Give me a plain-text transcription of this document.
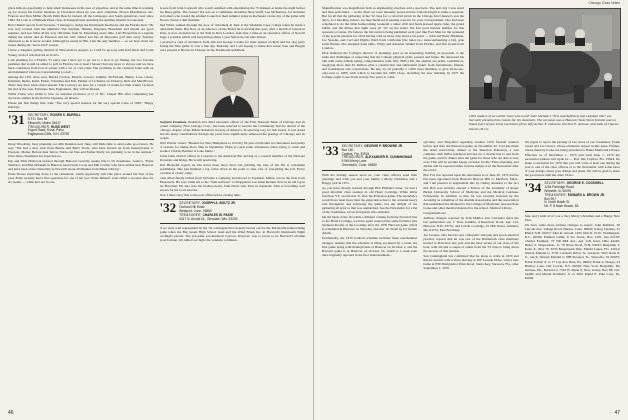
gives him an opportunity to help small businesses in his area of expertise, and at the same time is working up (or down) his former business in Cleveland where he was once chairman. Brown Distributors, Inc. Frances and Don Miller (North Palm Beach) cruised off the Galapagos and South American coast since 1962. Ed Loeb is a Halibunt Plaza class. In Pennsylvania spending the summer months in Lancaster.

Bob Chittim reports from Sarasota, "I manage to dodge the Dartmouth luncheons and the Florida men." He was very excited with the numbers: Van Teschen, Shields, Wagoner, Blanchard and myself are good regulars, and Geo Wise all the way 160 miles from St. Petersburg every time. Carl Fitzpatrick is a regular during the winter and Al Peterson and his wife visited and has an important golf date every Tuesday afternoon so he is never around. Although he stated in '80s, I am the only member — so we hear about our losses during the "snow-bird" season.

I have a daughter getting married in Wisconsin in August, so I will be up (on) with Karl Rudi and Colin Young, both of whom lived in Scott's.

I am planning for a Florida '31 party and I have yet to go out to a boat or go fishing, the two favorite pastimes that would be added to golf in Florida, but at least I haven't had any snow to shovel, and we have been comforted from bad of winter with a lot of cold rains. The problems in the classical folks with an environmental 'what an overwhelming to read'...

Among the 1931 lives were Harold Cordon, Morrill, Lowery, Jenkins, McFarland, Butler, Lore, Chase, Kirkman, Ryder, Rudd, Fisher, Schreiber and Mrs. Palmer of Lichfield, Lu Doherty, Rick and Mel Brown. There may have been others unseen. The Lowreys are here for a couple of weeks for their winter vacation the end of the year. Fortunate New Englanders, they will be missed.

Willis Clark, who stellis is now an assistant professor at U of NC, Chapel Hill after completing her doctorate studies in the field in Japanese, all phases.

Please put first things first. Like "The very special reunion for the very special Class of 1930." Happy holidays.

'31 SECRETARY, ROGER S. BURRILL
R.F.D. Box 98
Ellsworth, Maine 04617
TREASURER, RUSS WEST
Yogurt Road, Kona, Pahu
Englewood Cliffs, N.H. 03750

Doug Woodring, busy planning our 40th Reunion next June, still finds time to send some good news. He says "We had a nice visit from Bernie and Betty Stock, who have moved up from Pennsylvania to Freeport, Maine. Before their fellow Noble-ton Dee and Esther Purdy are planning to be in the reunion." Over these classmates are expected too.

Pap and Dick Holbrook learned through Hanover recently, seeing bits to all classmates. Leslie's, "Ernie Siemarco and Bud Marshall in Hanover heard back to Lin and Phil Coulter who have settled near Hanover and have been at the University in Norwich about 20 minutes from Baker Library."

Ernie Stones expecting down to the retirement, which apparently will take place around the first of the year. Ernie recently had a first operation for one of his 'yes'. Ernie himself, even called a wooden shoe for six weeks — while he's not in one.

A note from John Cogswell who wasn't satisfied with entertaining the 75 drinkers at home the night before the Pines game. The reason? We was on a committee including Shep Wolff, Lee McKenney, Joe Rottman and others who hosted the Alumni Council at their summer lodge in Rochester on the day of the game with Brown. Never a dull moment.

Ned White walked through the door of retirement in June at the Weshams Cape college when he made a substantial mark. But Ned, as an educator on the Board he is leaving this year, after a month of leisure in Paris, is now an instructor at the Yale in New London. And after a time as an executive officer of Rowell Sage, a position which will keep him perhaps a year before he can take leisure.

I received a card of invitation from Jim and George Cookie for their annual cocktail and hot dog party during the Yale game. It was a fine day Thursday and I am hoping to make that scene. Ken and Bergen were present at Brown-in-Chicago in the Dartmouth sentiment.

Gaylord Freeman, chairman and chief executive officer of the First National Bank of Chicago and its parent company, First Chicago Corp., has been selected to receive the Community Service Award of the Chicago chapter of the Public Relations Society of America. In selecting Gay for this award, it was stated that his many contributions through the years have significantly enhanced the prestige of Chicago and its people.

Walt Warner writes: "Headed for New Hampshire to visit my 93-year-old mother in Clairemont and plenty of reasons for taking more time in September. Hope to catch some adventures when trying to catch and monitor Charles Bamber at Lake Marie."

Some bank clerical officer in Colorado is the American Bar serving as a council member of the National Invasions and Ridge. He is still practicing.

Ron Bickwith reports he has never been more tired and pitching the tone of his life at retirement headlinings. Has just finished a leg collar down in the point to take care of everything the fall. Every vacation is a busy camp.

Glen Allen finally retired from Sylvania a company and moved to Topsham, Maine, across the river from Brunswick. He says while not to his "little software" to Drappentlu was Allan Bernier lives in an old log in the Bavarian. He also sees his brother-in-law John Davis who lives in Topsham. John is becoming well known for his local artwork.

Now I must carry this to the post office before closing time.

'32 SECRETARY, JOSEPH A. BOLTZ JR.
Orchard Hill Road
Westport, Conn. 06880
TREASURER, CHARLES W. PAIGE
6317 N. Arnold Dr., Glendale, Wis. 53209

If we were well represented by the '32 contingent that recently turned out for the Dartmouth homecoming game when the Big Green High School band and the Wind Brush Inc. in Harvard's Dartmouth Night torchlight parade. The pre-game pre-luncheon boycott, however, was to prove to be Harvard's all-time good fortune. We rallied our high: the vendetta continues.

46
Chicago Class Notes

Magnification was magnificent both as engineering structure and a spectacle. The next day I was sized and then performed — at the clinic we were mutually proud and the Chirodon light to make a separate. But for all that the gathering of the '32 class for a convivial picnic in the Chicago Inn Chaucer's was the day's, as a mocking (where, we may mention) is passing concern for your correspondent, who had been scheduled to do the tribal homecoming weekend a rather chill and fresh-pressed apple cider, the grand buffet, and the dinner that night were all "in" on the ticket. We had good turnout number for this seasonal occasion. We believe the fall event is being published each year like Foot Men for the weekend of the special pleasure for all in having with us those who lived a far-point — John and Betty Hardman, Joe Stouder, and Carl and Phyllis Ward from California (the latter two transcontinenting a bit), plus some Barnes who attended from Ohio, Wiley and Adelaide Walker from Florida, and Jim Gould from London.

Dick Osmond, the College's director of planning, gave us an interesting briefing on proposals to the tasks and challenges of respecting that the College physical plant, present and future. He discussed his talk with some friends taking comprehensive (Our Way 1985.) We, the alumni, are prime contributors, supplying more than $1 million, plus a construction and substantial grants from foundations, friends, and foundations and corporations. He has, by all probably a 1,000 class members to give all-in-one-only-ever to 1985, with which to become the 1985 Class, including the new building by 1975 the College ought to see in the twenty-five years to come.

1932 readers of an earlier issue who recall John Sheldon's "first and definitely last elephant ride" are herewith presented the reason for his statement. The occasion was a Hanover State Street festival and on board (sort of) are stone executives (from left) Arthur E. Osborne, Norbert E. Armour, and John of Charles Stevens & Co.
'33 SECRETARY, GEORGE P. BROWNE JR.
Box 160
Captiva, Fla. 33924
TREASURER, ALEXANDER R. CUNNINGHAM
9 Will Merry Lane
Greenwich, Conn. 06830

With the holiday season upon us, your class officers send their greetings and wish you and your family a Merry Christmas and a Happy year in 1971.

As you have already learned through Bob Hamlin's letter, we had a good informal class reunion in old Hotel Coolidge, White River Junction, VT, on October 31 after the Princeton game. The attendance would have been more than the expectation due to the constant heavy rain throughout and following the game, but the delight of the gathering all prior to that was unmatched. See the Newsletter for a list of the classmates, wives and guests who attended.

On the basis of the favorable comment coming from the Norwich line to the Hotel Coolidge, we have again reserved the same facilities (the Vermont Room) at the Coolidge after the 1970 Harvard game which is scheduled in Hanover on Saturday, October 16. Stand by for further details.

Incidentally, the 1970 football schedule includes three unscheduled changes, namely that the schedule is being set ahead by a week, the first game being with Pennsylvania at Hanover on October 2, and the Harvard game is in Hanover on October 16, which is a week later than originally reported in the first announcement...

sylvania, and Maryland regarding another 1970 football reunion before and after the Princeton game on November 22. Carl has made the usual reservation, dinner at the Sheraton Princeton, a tent complete with buffet luncheon and bus for a charter bus to and from the game, and for dinner after the game for those who are able to stay over. This will be another happy occasion for the '33ers attending, and details will be reported either in these names or in the Newsletter after the event.

Bob Fox has reported upon his retirement as of June 30, 1970 and he has been appointed from Boston's Beacon Hill to Medford, Mass., and I am pleased to supplement this by calling attention to the fact that Bob was recently elected a Fellow of the Academy of Roger Bickel University School of Medicine and the Medical Graduate Fellowship. In addition to this, he was recently honored by the Academy as a member of the Alumni Association and the Association that established the Manual for the College of Medicine; and purchase books and other medical material for the school. Medical Library.

Congratulations!

Address changes reported by Tom Mattice also Carlander since the last publication are: J. Ross Gamble, 4 Reservoir Road, Apt. 112, Hanover, N.H. 03755, and Calvin Coolidge, 91 Hill Street, Ashland, Me. 04732, East Boothbay.

Joe Jacques, who has his own orthopedic and pain and sports medical practice, reports that he was one of the Dartmouth class members invited to Princeton last year and the most recent of our class of the hour, with aid and a couple of others from the '33 class to bring about the success of this reunion.

San Cunningham has confirmed that he plans to retire in 1970 and that he and his wife will be moving to 200 Seaside Drive, with a new home at 830 Marigolmot Point Road, Santa Key, Sarasota, Fla., after September 1, 1970.

We regret to report the passing of two more of our classmates, Frank Green and Joe Glover, whose obituaries appear in this issue. Further, whose memory books are being presented to Baker Memorial Library.

Effective as of December 1, 1970 and until June 1, 1970 my secretarial address will again be — Box 160, Captiva, Fla. 33924. Do make a resolution for 1970 that you will write at least one during the year to one of the class officers or to the Newsletter with some news of your doings, about your doings and plans. We will be glad to share the good news with the other 33'ers.

'34 SECRETARY, GEORGE E. COGSWELL
1264 Partridge Road
Wilmette, Ill. 60091
TREASURER, EDWARD A. BROWN JR.
Box 907
N. North Baldb St.
Mt. P. 8 Nash Beach, 83

June and I wish all of you a Very Merry Christmas and a Happy New Year.

We have some more address changes to report: John Ruddick, 50 Lincoln Ave. Village Road, Darien, Conn. 06820; Irving Thomas, 31 Bland, N.H. 03257; John R. Arnold, 1200 16th St. N.W., Washington, D.C. 20006; Emmett Gillin, 8 Joe Street, Box 1470, San 02158; Charles Faulkner, 70 700 Mill Ave., Apt. 4-B, Kent, Ohio 44240; Henry S. Sheperdson, Jr., 70 River Road, N.H. 03043; Benjamin T. Kobe Jr., Box 70, 6735 Kingstream Way, Miami Lakes, Fla. 33014; Warren Mandel to 3739 Cortland Drive, St. Gerundi, 3505 Rock 8, Jr., ranch, Warren Mandel to 888 Prospect St., Wassoflo, 91 00035; Frank Torbett Jr. to 17 Lay Ave. Bala, Pa. 19004; Frank A. Sharpe, 23 Bradley Lane, Old Corvin, N.S. 06339; New Scott Benjamin, Pie Avenue, PA., Bernard to 7501 B. Mane 9, New, Jersey, Box 98, Cm. 04400; and Martin Robinsby Jr. to 3001 Rapid E. Pike Corp. Pa. 40049.

47
